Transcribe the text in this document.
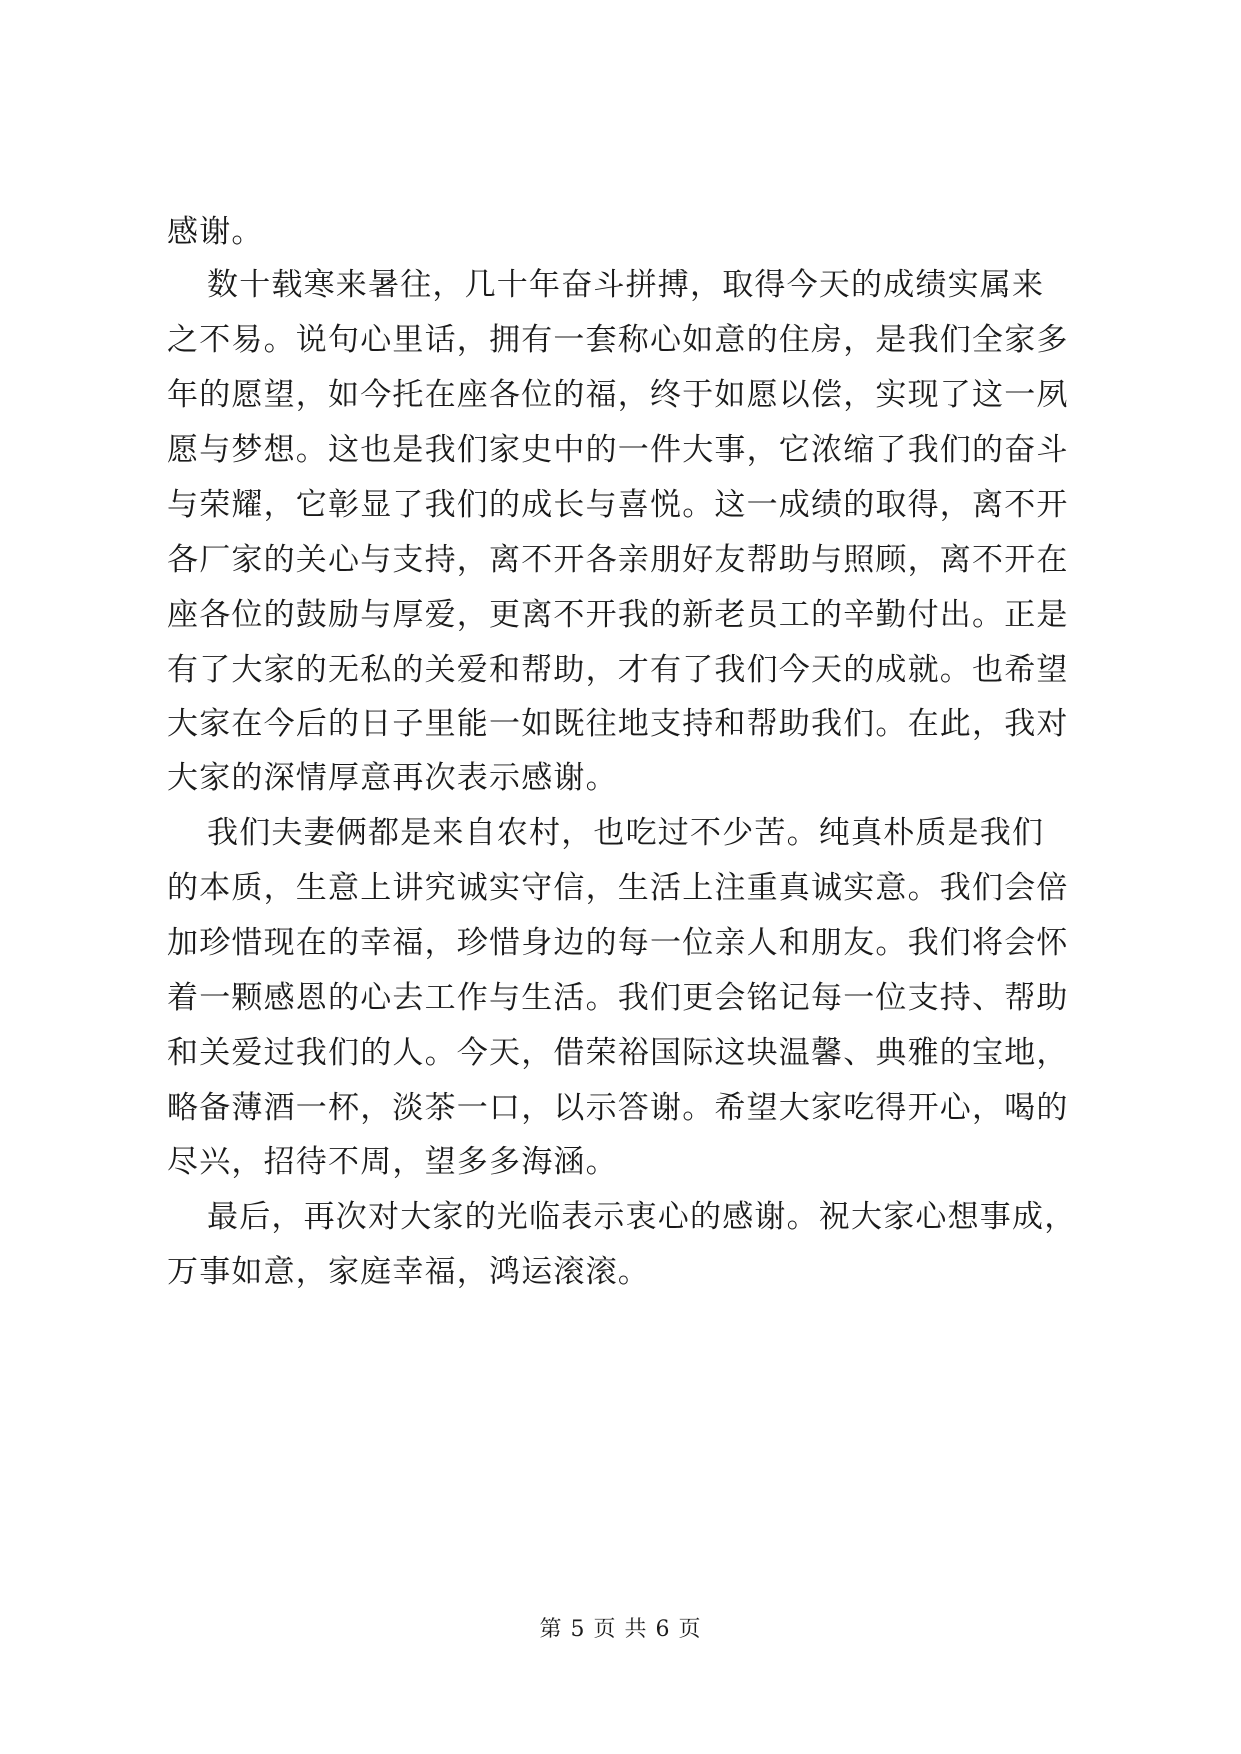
感谢。
数十载寒来暑往，几十年奋斗拼搏，取得今天的成绩实属来
之不易。说句心里话，拥有一套称心如意的住房，是我们全家多
年的愿望，如今托在座各位的福，终于如愿以偿，实现了这一夙
愿与梦想。这也是我们家史中的一件大事，它浓缩了我们的奋斗
与荣耀，它彰显了我们的成长与喜悦。这一成绩的取得，离不开
各厂家的关心与支持，离不开各亲朋好友帮助与照顾，离不开在
座各位的鼓励与厚爱，更离不开我的新老员工的辛勤付出。正是
有了大家的无私的关爱和帮助，才有了我们今天的成就。也希望
大家在今后的日子里能一如既往地支持和帮助我们。在此，我对
大家的深情厚意再次表示感谢。
我们夫妻俩都是来自农村，也吃过不少苦。纯真朴质是我们
的本质，生意上讲究诚实守信，生活上注重真诚实意。我们会倍
加珍惜现在的幸福，珍惜身边的每一位亲人和朋友。我们将会怀
着一颗感恩的心去工作与生活。我们更会铭记每一位支持、帮助
和关爱过我们的人。今天，借荣裕国际这块温馨、典雅的宝地，
略备薄酒一杯，淡茶一口，以示答谢。希望大家吃得开心，喝的
尽兴，招待不周，望多多海涵。
最后，再次对大家的光临表示衷心的感谢。祝大家心想事成，
万事如意，家庭幸福，鸿运滚滚。
第 5 页 共 6 页
